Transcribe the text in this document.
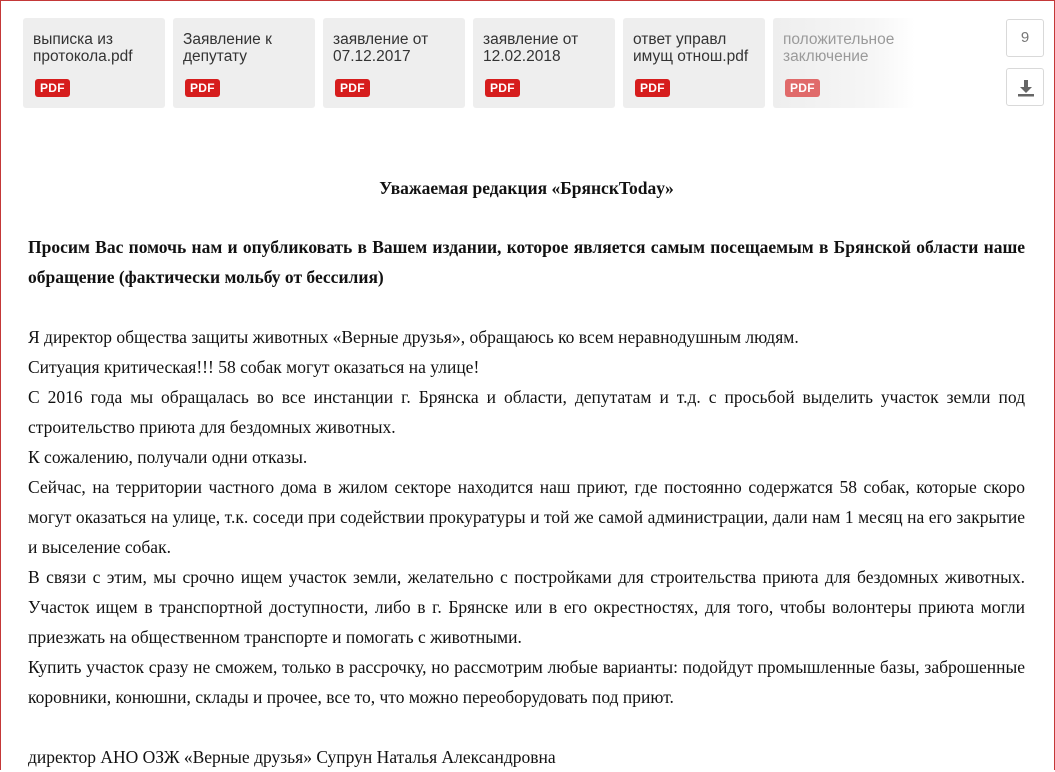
выписка из
протокола.pdf
PDF
Заявление к
депутату
PDF
заявление от
07.12.2017
PDF
заявление от
12.02.2018
PDF
ответ управл
имущ отнош.pdf
PDF
положительное
заключение
PDF
9
Уважаемая редакция «БрянскToday»
Просим Вас помочь нам и опубликовать в Вашем издании, которое является самым посещаемым в Брянской области наше обращение (фактически мольбу от бессилия)
Я директор общества защиты животных «Верные друзья», обращаюсь ко всем неравнодушным людям.
Ситуация критическая!!! 58 собак могут оказаться на улице!
С 2016 года мы обращалась во все инстанции г. Брянска и области, депутатам и т.д. с просьбой выделить участок земли под строительство приюта для бездомных животных.
К сожалению, получали одни отказы.
Сейчас, на территории частного дома в жилом секторе находится наш приют, где постоянно содержатся 58 собак, которые скоро могут оказаться на улице, т.к. соседи при содействии прокуратуры и той же самой администрации, дали нам 1 месяц на его закрытие и выселение собак.
В связи с этим, мы срочно ищем участок земли, желательно с постройками для строительства приюта для бездомных животных. Участок ищем в транспортной доступности, либо в г. Брянске или в его окрестностях, для того, чтобы волонтеры приюта могли приезжать на общественном транспорте и помогать с животными.
Купить участок сразу не сможем, только в рассрочку, но рассмотрим любые варианты: подойдут промышленные базы, заброшенные коровники, конюшни, склады и прочее, все то, что можно переоборудовать под приют.
директор АНО ОЗЖ «Верные друзья» Супрун Наталья Александровна
